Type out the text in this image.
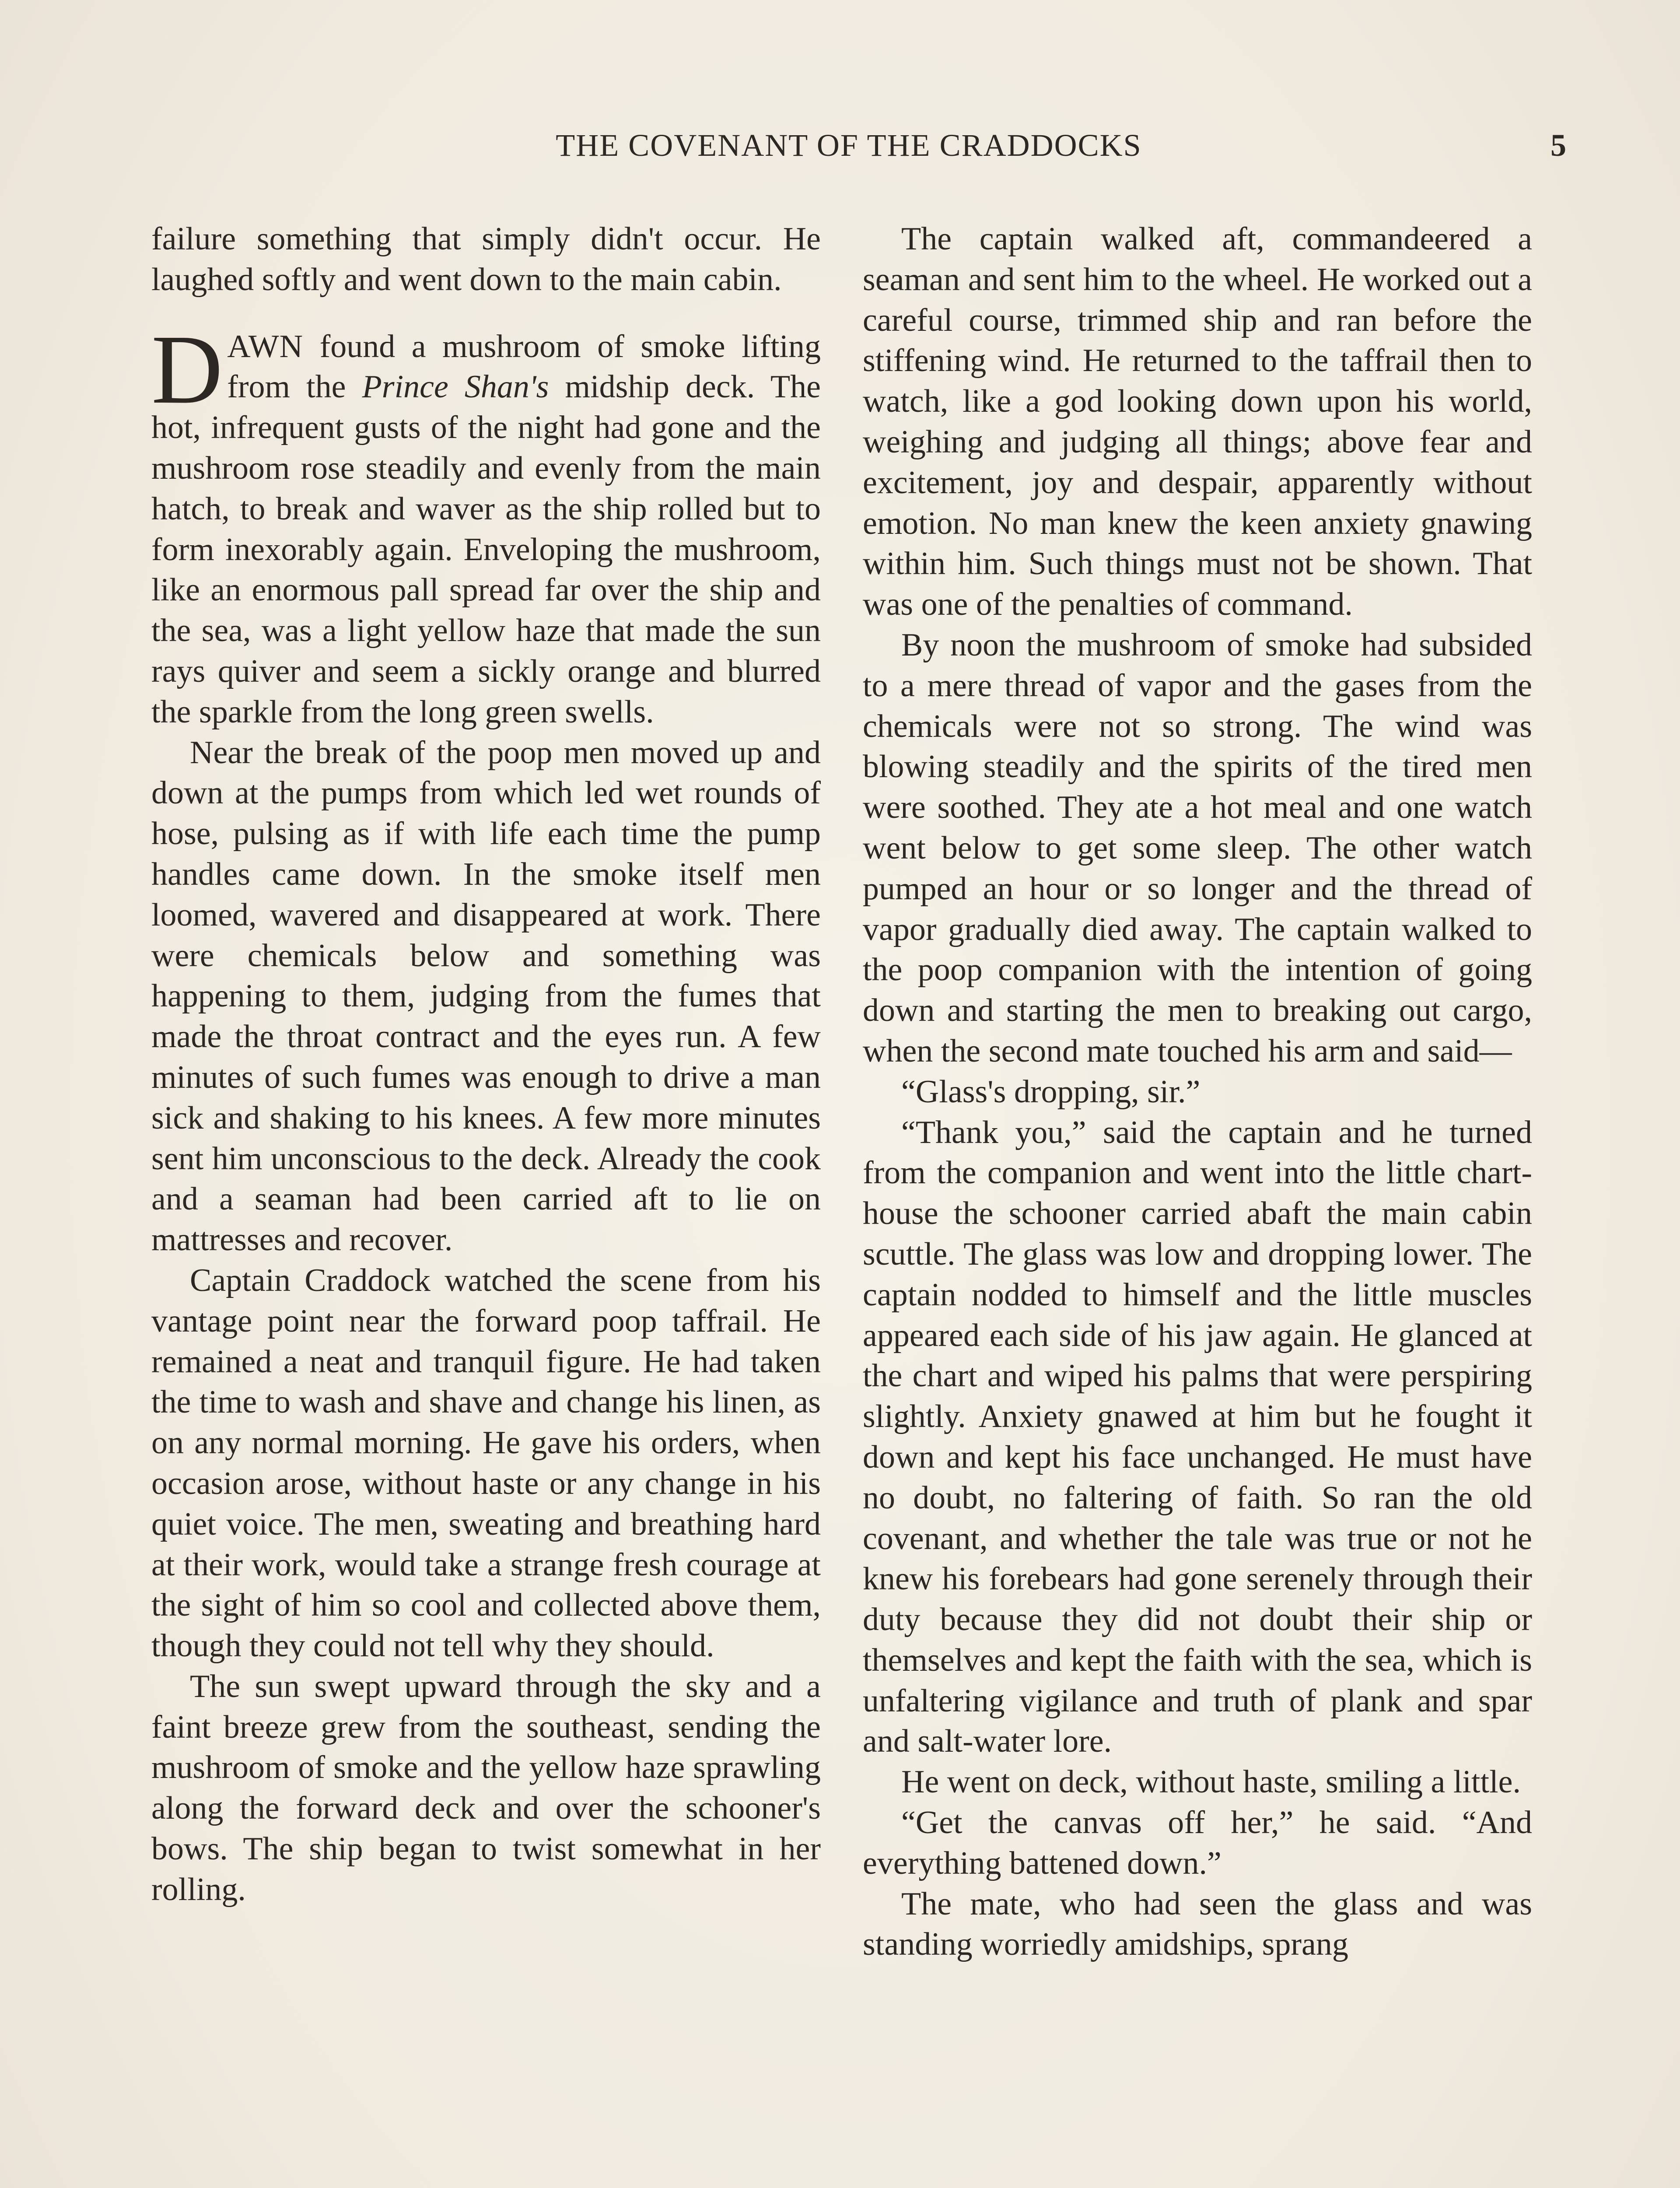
THE COVENANT OF THE CRADDOCKS	5

failure something that simply didn't occur. He laughed softly and went down to the main cabin.

DAWN found a mushroom of smoke lifting from the Prince Shan's midship deck. The hot, infrequent gusts of the night had gone and the mushroom rose steadily and evenly from the main hatch, to break and waver as the ship rolled but to form inexorably again. Enveloping the mushroom, like an enormous pall spread far over the ship and the sea, was a light yellow haze that made the sun rays quiver and seem a sickly orange and blurred the sparkle from the long green swells.

Near the break of the poop men moved up and down at the pumps from which led wet rounds of hose, pulsing as if with life each time the pump handles came down. In the smoke itself men loomed, wavered and disappeared at work. There were chemicals below and something was happening to them, judging from the fumes that made the throat contract and the eyes run. A few minutes of such fumes was enough to drive a man sick and shaking to his knees. A few more minutes sent him unconscious to the deck. Already the cook and a seaman had been carried aft to lie on mattresses and recover.

Captain Craddock watched the scene from his vantage point near the forward poop taffrail. He remained a neat and tranquil figure. He had taken the time to wash and shave and change his linen, as on any normal morning. He gave his orders, when occasion arose, without haste or any change in his quiet voice. The men, sweating and breathing hard at their work, would take a strange fresh courage at the sight of him so cool and collected above them, though they could not tell why they should.

The sun swept upward through the sky and a faint breeze grew from the southeast, sending the mushroom of smoke and the yellow haze sprawling along the forward deck and over the schooner's bows. The ship began to twist somewhat in her rolling.

The captain walked aft, commandeered a seaman and sent him to the wheel. He worked out a careful course, trimmed ship and ran before the stiffening wind. He returned to the taffrail then to watch, like a god looking down upon his world, weighing and judging all things; above fear and excitement, joy and despair, apparently without emotion. No man knew the keen anxiety gnawing within him. Such things must not be shown. That was one of the penalties of command.

By noon the mushroom of smoke had subsided to a mere thread of vapor and the gases from the chemicals were not so strong. The wind was blowing steadily and the spirits of the tired men were soothed. They ate a hot meal and one watch went below to get some sleep. The other watch pumped an hour or so longer and the thread of vapor gradually died away. The captain walked to the poop companion with the intention of going down and starting the men to breaking out cargo, when the second mate touched his arm and said—

“Glass's dropping, sir.”

“Thank you,” said the captain and he turned from the companion and went into the little chart-house the schooner carried abaft the main cabin scuttle. The glass was low and dropping lower. The captain nodded to himself and the little muscles appeared each side of his jaw again. He glanced at the chart and wiped his palms that were perspiring slightly. Anxiety gnawed at him but he fought it down and kept his face unchanged. He must have no doubt, no faltering of faith. So ran the old covenant, and whether the tale was true or not he knew his forebears had gone serenely through their duty because they did not doubt their ship or themselves and kept the faith with the sea, which is unfaltering vigilance and truth of plank and spar and salt-water lore.

He went on deck, without haste, smiling a little.

“Get the canvas off her,” he said. “And everything battened down.”

The mate, who had seen the glass and was standing worriedly amidships, sprang
